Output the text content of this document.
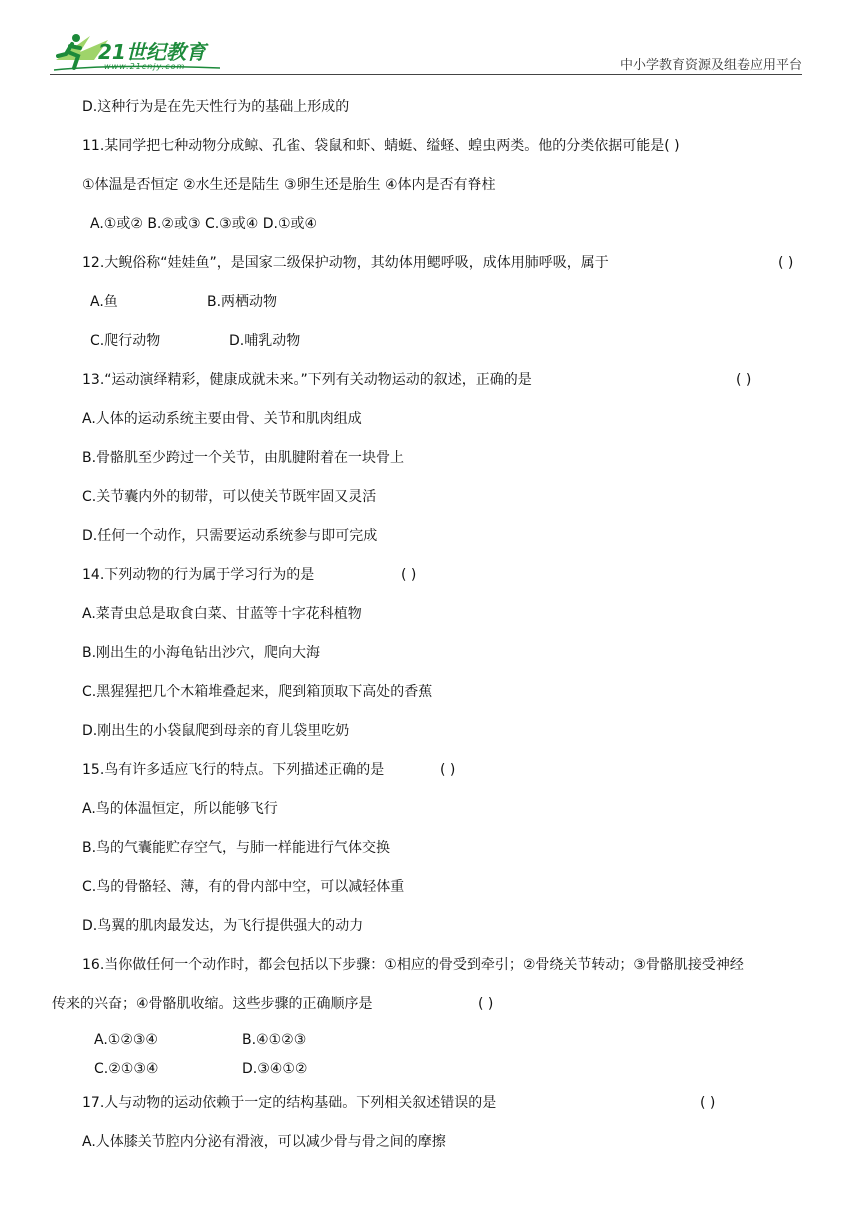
21世纪教育
www.21cnjy.com	中小学教育资源及组卷应用平台
D.这种行为是在先天性行为的基础上形成的
11.某同学把七种动物分成鲸、孔雀、袋鼠和虾、蜻蜓、缢蛏、蝗虫两类。他的分类依据可能是( )
①体温是否恒定 ②水生还是陆生 ③卵生还是胎生 ④体内是否有脊柱
A.①或② B.②或③ C.③或④ D.①或④
12.大鲵俗称“娃娃鱼”，是国家二级保护动物，其幼体用鳃呼吸，成体用肺呼吸，属于	( )
A.鱼	B.两栖动物
C.爬行动物	D.哺乳动物
13.“运动演绎精彩，健康成就未来。”下列有关动物运动的叙述，正确的是	( )
A.人体的运动系统主要由骨、关节和肌肉组成
B.骨骼肌至少跨过一个关节，由肌腱附着在一块骨上
C.关节囊内外的韧带，可以使关节既牢固又灵活
D.任何一个动作，只需要运动系统参与即可完成
14.下列动物的行为属于学习行为的是	( )
A.菜青虫总是取食白菜、甘蓝等十字花科植物
B.刚出生的小海龟钻出沙穴，爬向大海
C.黑猩猩把几个木箱堆叠起来，爬到箱顶取下高处的香蕉
D.刚出生的小袋鼠爬到母亲的育儿袋里吃奶
15.鸟有许多适应飞行的特点。下列描述正确的是	( )
A.鸟的体温恒定，所以能够飞行
B.鸟的气囊能贮存空气，与肺一样能进行气体交换
C.鸟的骨骼轻、薄，有的骨内部中空，可以减轻体重
D.鸟翼的肌肉最发达，为飞行提供强大的动力
16.当你做任何一个动作时，都会包括以下步骤：①相应的骨受到牵引；②骨绕关节转动；③骨骼肌接受神经
传来的兴奋；④骨骼肌收缩。这些步骤的正确顺序是	( )
A.①②③④	B.④①②③
C.②①③④	D.③④①②
17.人与动物的运动依赖于一定的结构基础。下列相关叙述错误的是	( )
A.人体膝关节腔内分泌有滑液，可以减少骨与骨之间的摩擦
